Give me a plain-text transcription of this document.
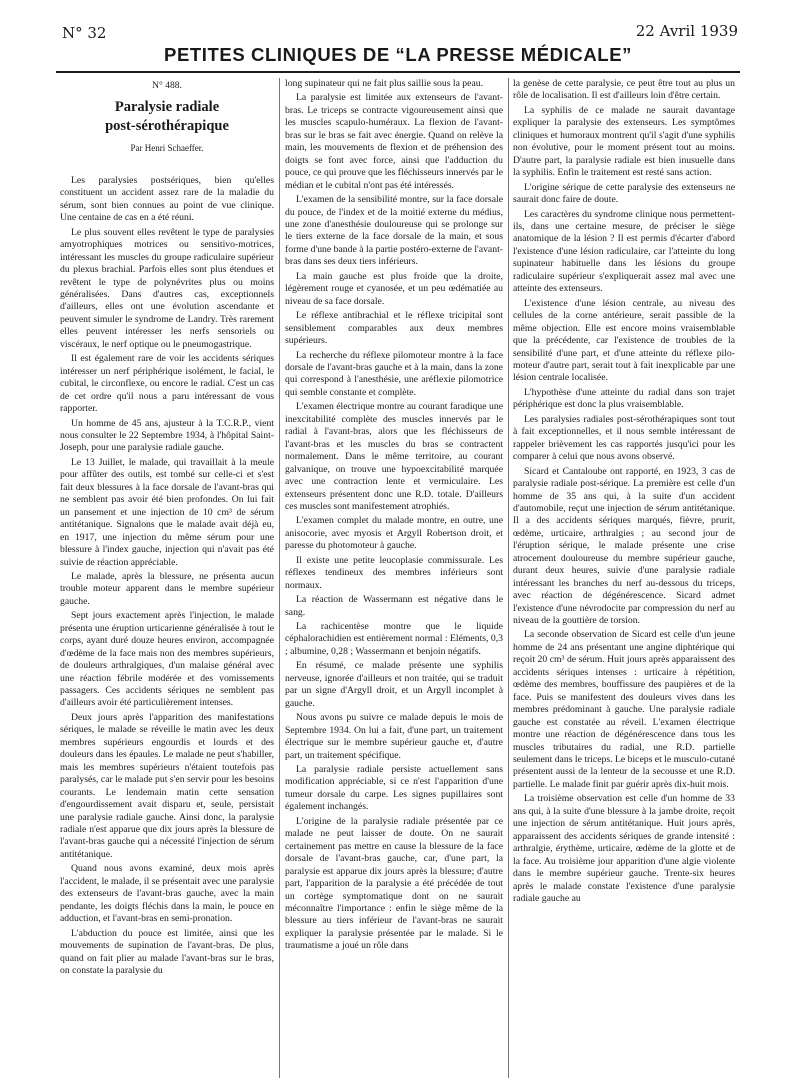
N° 32	22 Avril 1939
PETITES CLINIQUES DE “LA PRESSE MÉDICALE”
N° 488.
Paralysie radiale
post-sérothérapique
Par Henri Schaeffer.

Les paralysies postsériques, bien qu'elles constituent un accident assez rare de la maladie du sérum, sont bien connues au point de vue clinique. Une centaine de cas en a été réuni.

Le plus souvent elles revêtent le type de paralysies amyotrophiques motrices ou sensitivo-motrices, intéressant les muscles du groupe radiculaire supérieur du plexus brachial. Parfois elles sont plus étendues et revêtent le type de polynévrites plus ou moins généralisées. Dans d'autres cas, exceptionnels d'ailleurs, elles ont une évolution ascendante et peuvent simuler le syndrome de Landry. Très rarement elles peuvent intéresser les nerfs sensoriels ou viscéraux, le nerf optique ou le pneumogastrique.

Il est également rare de voir les accidents sériques intéresser un nerf périphérique isolément, le facial, le cubital, le circonflexe, ou encore le radial. C'est un cas de cet ordre qu'il nous a paru intéressant de vous rapporter.

Un homme de 45 ans, ajusteur à la T.C.R.P., vient nous consulter le 22 Septembre 1934, à l'hôpital Saint-Joseph, pour une paralysie radiale gauche.

Le 13 Juillet, le malade, qui travaillait à la meule pour affûter des outils, est tombé sur celle-ci et s'est fait deux blessures à la face dorsale de l'avant-bras qui ne semblent pas avoir été bien profondes. On lui fait un pansement et une injection de 10 cm³ de sérum antitétanique. Signalons que le malade avait déjà eu, en 1917, une injection du même sérum pour une blessure à l'index gauche, injection qui n'avait pas été suivie de réaction appréciable.

Le malade, après la blessure, ne présenta aucun trouble moteur apparent dans le membre supérieur gauche.

Sept jours exactement après l'injection, le malade présenta une éruption urticarienne généralisée à tout le corps, ayant duré douze heures environ, accompagnée d'œdème de la face mais non des membres supérieurs, de douleurs arthralgiques, d'un malaise général avec une réaction fébrile modérée et des vomissements passagers. Ces accidents sériques ne semblent pas d'ailleurs avoir été particulièrement intenses.

Deux jours après l'apparition des manifestations sériques, le malade se réveille le matin avec les deux membres supérieurs engourdis et lourds et des douleurs dans les épaules. Le malade ne peut s'habiller, mais les membres supérieurs n'étaient toutefois pas paralysés, car le malade put s'en servir pour les besoins courants. Le lendemain matin cette sensation d'engourdissement avait disparu et, seule, persistait une paralysie radiale gauche. Ainsi donc, la paralysie radiale n'est apparue que dix jours après la blessure de l'avant-bras gauche qui a nécessité l'injection de sérum antitétanique.

Quand nous avons examiné, deux mois après l'accident, le malade, il se présentait avec une paralysie des extenseurs de l'avant-bras gauche, avec la main pendante, les doigts fléchis dans la main, le pouce en adduction, et l'avant-bras en semi-pronation.

L'abduction du pouce est limitée, ainsi que les mouvements de supination de l'avant-bras. De plus, quand on fait plier au malade l'avant-bras sur le bras, on constate la paralysie du

long supinateur qui ne fait plus saillie sous la peau.

La paralysie est limitée aux extenseurs de l'avant-bras. Le triceps se contracte vigoureusement ainsi que les muscles scapulo-huméraux. La flexion de l'avant-bras sur le bras se fait avec énergie. Quand on relève la main, les mouvements de flexion et de préhension des doigts se font avec force, ainsi que l'adduction du pouce, ce qui prouve que les fléchisseurs innervés par le médian et le cubital n'ont pas été intéressés.

L'examen de la sensibilité montre, sur la face dorsale du pouce, de l'index et de la moitié externe du médius, une zone d'anesthésie douloureuse qui se prolonge sur le tiers externe de la face dorsale de la main, et sous forme d'une bande à la partie postéro-externe de l'avant-bras dans ses deux tiers inférieurs.

La main gauche est plus froide que la droite, légèrement rouge et cyanosée, et un peu œdématiée au niveau de sa face dorsale.

Le réflexe antibrachial et le réflexe tricipital sont sensiblement comparables aux deux membres supérieurs.

La recherche du réflexe pilomoteur montre à la face dorsale de l'avant-bras gauche et à la main, dans la zone qui correspond à l'anesthésie, une aréflexie pilomotrice qui semble constante et complète.

L'examen électrique montre au courant faradique une inexcitabilité complète des muscles innervés par le radial à l'avant-bras, alors que les fléchisseurs de l'avant-bras et les muscles du bras se contractent normalement. Dans le même territoire, au courant galvanique, on trouve une hypoexcitabilité marquée avec une contraction lente et vermiculaire. Les extenseurs présentent donc une R.D. totale. D'ailleurs ces muscles sont manifestement atrophiés.

L'examen complet du malade montre, en outre, une anisocorie, avec myosis et Argyll Robertson droit, et paresse du photomoteur à gauche.

Il existe une petite leucoplasie commissurale. Les réflexes tendineux des membres inférieurs sont normaux.

La réaction de Wassermann est négative dans le sang.

La rachicentèse montre que le liquide céphalorachidien est entièrement normal : Eléments, 0,3 ; albumine, 0,28 ; Wassermann et benjoin négatifs.

En résumé, ce malade présente une syphilis nerveuse, ignorée d'ailleurs et non traitée, qui se traduit par un signe d'Argyll droit, et un Argyll incomplet à gauche.

Nous avons pu suivre ce malade depuis le mois de Septembre 1934. On lui a fait, d'une part, un traitement électrique sur le membre supérieur gauche et, d'autre part, un traitement spécifique.

La paralysie radiale persiste actuellement sans modification appréciable, si ce n'est l'apparition d'une tumeur dorsale du carpe. Les signes pupillaires sont également inchangés.

L'origine de la paralysie radiale présentée par ce malade ne peut laisser de doute. On ne saurait certainement pas mettre en cause la blessure de la face dorsale de l'avant-bras gauche, car, d'une part, la paralysie est apparue dix jours après la blessure; d'autre part, l'apparition de la paralysie a été précédée de tout un cortège symptomatique dont on ne saurait méconnaître l'importance : enfin le siège même de la blessure au tiers inférieur de l'avant-bras ne saurait expliquer la paralysie présentée par le malade. Si le traumatisme a joué un rôle dans

la genèse de cette paralysie, ce peut être tout au plus un rôle de localisation. Il est d'ailleurs loin d'être certain.

La syphilis de ce malade ne saurait davantage expliquer la paralysie des extenseurs. Les symptômes cliniques et humoraux montrent qu'il s'agit d'une syphilis non évolutive, pour le moment présent tout au moins. D'autre part, la paralysie radiale est bien inusuelle dans la syphilis. Enfin le traitement est resté sans action.

L'origine sérique de cette paralysie des extenseurs ne saurait donc faire de doute.

Les caractères du syndrome clinique nous permettent-ils, dans une certaine mesure, de préciser le siège anatomique de la lésion ? Il est permis d'écarter d'abord l'existence d'une lésion radiculaire, car l'atteinte du long supinateur habituelle dans les lésions du groupe radiculaire supérieur s'expliquerait assez mal avec une atteinte des extenseurs.

L'existence d'une lésion centrale, au niveau des cellules de la corne antérieure, serait passible de la même objection. Elle est encore moins vraisemblable que la précédente, car l'existence de troubles de la sensibilité d'une part, et d'une atteinte du réflexe pilo-moteur d'autre part, serait tout à fait inexplicable par une lésion centrale localisée.

L'hypothèse d'une atteinte du radial dans son trajet périphérique est donc la plus vraisemblable.

Les paralysies radiales post-sérothérapiques sont tout à fait exceptionnelles, et il nous semble intéressant de rappeler brièvement les cas rapportés jusqu'ici pour les comparer à celui que nous avons observé.

Sicard et Cantaloube ont rapporté, en 1923, 3 cas de paralysie radiale post-sérique. La première est celle d'un homme de 35 ans qui, à la suite d'un accident d'automobile, reçut une injection de sérum antitétanique. Il a des accidents sériques marqués, fièvre, prurit, œdème, urticaire, arthralgies ; au second jour de l'éruption sérique, le malade présente une crise atrocement douloureuse du membre supérieur gauche, durant deux heures, suivie d'une paralysie radiale intéressant les branches du nerf au-dessous du triceps, avec réaction de dégénérescence. Sicard admet l'existence d'une névrodocite par compression du nerf au niveau de la gouttière de torsion.

La seconde observation de Sicard est celle d'un jeune homme de 24 ans présentant une angine diphtérique qui reçoit 20 cm³ de sérum. Huit jours après apparaissent des accidents sériques intenses : urticaire à répétition, œdème des membres, bouffissure des paupières et de la face. Puis se manifestent des douleurs vives dans les membres prédominant à gauche. Une paralysie radiale gauche est constatée au réveil. L'examen électrique montre une réaction de dégénérescence dans tous les muscles tributaires du radial, une R.D. partielle seulement dans le triceps. Le biceps et le musculo-cutané présentent aussi de la lenteur de la secousse et une R.D. partielle. Le malade finit par guérir après dix-huit mois.

La troisième observation est celle d'un homme de 33 ans qui, à la suite d'une blessure à la jambe droite, reçoit une injection de sérum antitétanique. Huit jours après, apparaissent des accidents sériques de grande intensité : arthralgie, érythème, urticaire, œdème de la glotte et de la face. Au troisième jour apparition d'une algie violente dans le membre supérieur gauche. Trente-six heures après le malade constate l'existence d'une paralysie radiale gauche au
